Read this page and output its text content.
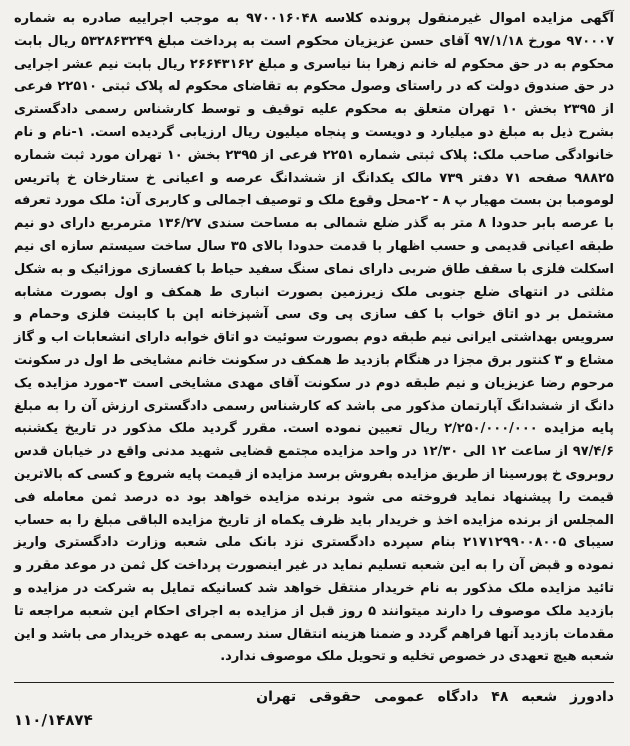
آگهی مزایده اموال غیرمنقول پرونده کلاسه ۹۷۰۰۱۶۰۴۸ به موجب اجراییه صادره به شماره ۹۷۰۰۰۷ مورخ ۹۷/۱/۱۸ آقای حسن عزیزیان محکوم است به پرداخت مبلغ ۵۳۲۸۶۳۲۴۹ ریال بابت محکوم به در حق محکوم له خانم زهرا بنا نیاسری و مبلغ ۲۶۶۴۳۱۶۲ ریال بابت نیم عشر اجرایی در حق صندوق دولت که در راستای وصول محکوم به تقاضای محکوم له پلاک ثبتی ۲۲۵۱۰ فرعی از ۲۳۹۵ بخش ۱۰ تهران متعلق به محکوم علیه توقیف و توسط کارشناس رسمی دادگستری بشرح ذیل به مبلغ دو میلیارد و دویست و پنجاه میلیون ریال ارزیابی گردیده است. ۱-نام و نام خانوادگی صاحب ملک: پلاک ثبتی شماره ۲۲۵۱ فرعی از ۲۳۹۵ بخش ۱۰ تهران مورد ثبت شماره ۹۸۸۲۵ صفحه ۷۱ دفتر ۷۳۹ مالک یکدانگ از ششدانگ عرصه و اعیانی خ ستارخان خ پاتریس لومومبا بن بست مهیار پ ۸ - ۲-محل وقوع ملک و توصیف اجمالی و کاربری آن: ملک مورد تعرفه با عرصه بابر حدودا ۸ متر به گذر ضلع شمالی به مساحت سندی ۱۳۶/۲۷ مترمربع دارای دو نیم طبقه اعیانی قدیمی و حسب اظهار با قدمت حدودا بالای ۳۵ سال ساخت سیستم سازه ای نیم اسکلت فلزی با سقف طاق ضربی دارای نمای سنگ سفید حیاط با کفسازی موزائیک و به شکل مثلثی در انتهای ضلع جنوبی ملک زیرزمین بصورت انباری ط همکف و اول بصورت مشابه مشتمل بر دو اتاق خواب با کف سازی پی وی سی آشپزخانه اپن با کابینت فلزی وحمام و سرویس بهداشتی ایرانی نیم طبقه دوم بصورت سوئیت دو اتاق خوابه دارای انشعابات اب و گاز مشاع و ۳ کنتور برق مجزا در هنگام بازدید ط همکف در سکونت خانم مشایخی ط اول در سکونت مرحوم رضا عزیزیان و نیم طبقه دوم در سکونت آقای مهدی مشایخی است ۳-مورد مزایده یک دانگ از ششدانگ آپارتمان مذکور می باشد که کارشناس رسمی دادگستری ارزش آن را به مبلغ پایه مزایده ۲/۲۵۰/۰۰۰/۰۰۰ ریال تعیین نموده است. مقرر گردید ملک مذکور در تاریخ یکشنبه ۹۷/۴/۶ از ساعت ۱۲ الی ۱۲/۳۰ در واحد مزایده مجتمع قضایی شهید مدنی واقع در خیابان قدس روبروی خ پورسینا از طریق مزایده بفروش برسد مزایده از قیمت پایه شروع و کسی که بالاترین قیمت را پیشنهاد نماید فروخته می شود برنده مزایده خواهد بود ده درصد ثمن معامله فی المجلس از برنده مزایده اخذ و خریدار باید ظرف یکماه از تاریخ مزایده الباقی مبلغ را به حساب سیبای ۲۱۷۱۲۹۹۰۰۸۰۰۵ بنام سپرده دادگستری نزد بانک ملی شعبه وزارت دادگستری واریز نموده و قبض آن را به این شعبه تسلیم نماید در غیر اینصورت پرداخت کل ثمن در موعد مقرر و تائید مزایده ملک مذکور به نام خریدار منتقل خواهد شد کسانیکه تمایل به شرکت در مزایده و بازدید ملک موصوف را دارند میتوانند ۵ روز قبل از مزایده به اجرای احکام این شعبه مراجعه تا مقدمات بازدید آنها فراهم گردد و ضمنا هزینه انتقال سند رسمی به عهده خریدار می باشد و این شعبه هیچ تعهدی در خصوص تخلیه و تحویل ملک موصوف ندارد.

دادورز شعبه ۴۸ دادگاه عمومی حقوقی تهران

۱۱۰/۱۴۸۷۴
